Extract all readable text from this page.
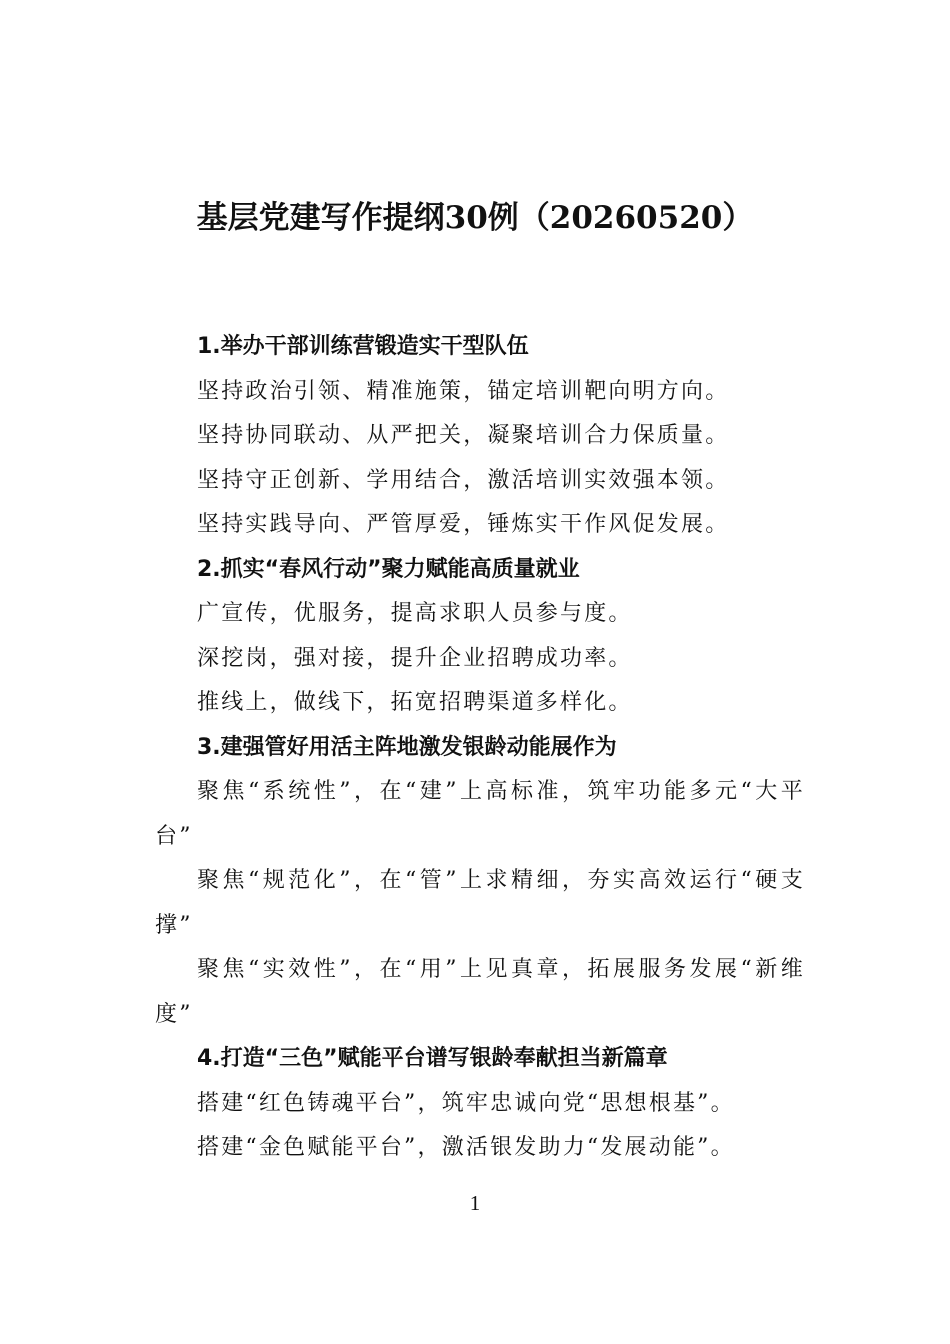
基层党建写作提纲30例（20260520）
1.举办干部训练营锻造实干型队伍
坚持政治引领、精准施策，锚定培训靶向明方向。
坚持协同联动、从严把关，凝聚培训合力保质量。
坚持守正创新、学用结合，激活培训实效强本领。
坚持实践导向、严管厚爱，锤炼实干作风促发展。
2.抓实“春风行动”聚力赋能高质量就业
广宣传，优服务，提高求职人员参与度。
深挖岗，强对接，提升企业招聘成功率。
推线上，做线下，拓宽招聘渠道多样化。
3.建强管好用活主阵地激发银龄动能展作为
聚焦“系统性”，在“建”上高标准，筑牢功能多元“大平台”
聚焦“规范化”，在“管”上求精细，夯实高效运行“硬支撑”
聚焦“实效性”，在“用”上见真章，拓展服务发展“新维度”
4.打造“三色”赋能平台谱写银龄奉献担当新篇章
搭建“红色铸魂平台”，筑牢忠诚向党“思想根基”。
搭建“金色赋能平台”，激活银发助力“发展动能”。
1
